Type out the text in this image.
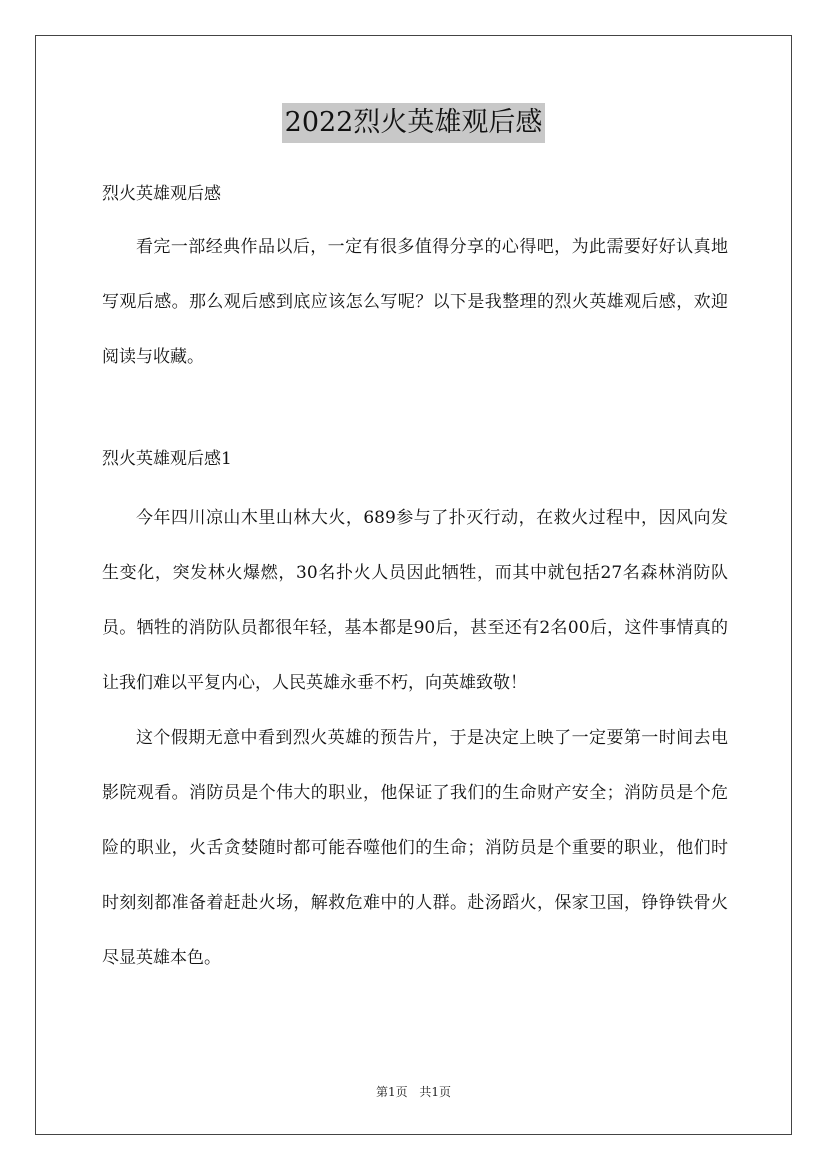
2022烈火英雄观后感

烈火英雄观后感

看完一部经典作品以后，一定有很多值得分享的心得吧，为此需要好好认真地写观后感。那么观后感到底应该怎么写呢？以下是我整理的烈火英雄观后感，欢迎阅读与收藏。

烈火英雄观后感1

今年四川凉山木里山林大火，689参与了扑灭行动，在救火过程中，因风向发生变化，突发林火爆燃，30名扑火人员因此牺牲，而其中就包括27名森林消防队员。牺牲的消防队员都很年轻，基本都是90后，甚至还有2名00后，这件事情真的让我们难以平复内心，人民英雄永垂不朽，向英雄致敬！

这个假期无意中看到烈火英雄的预告片，于是决定上映了一定要第一时间去电影院观看。消防员是个伟大的职业，他保证了我们的生命财产安全；消防员是个危险的职业，火舌贪婪随时都可能吞噬他们的生命；消防员是个重要的职业，他们时时刻刻都准备着赶赴火场，解救危难中的人群。赴汤蹈火，保家卫国，铮铮铁骨火尽显英雄本色。

第1页 共1页
